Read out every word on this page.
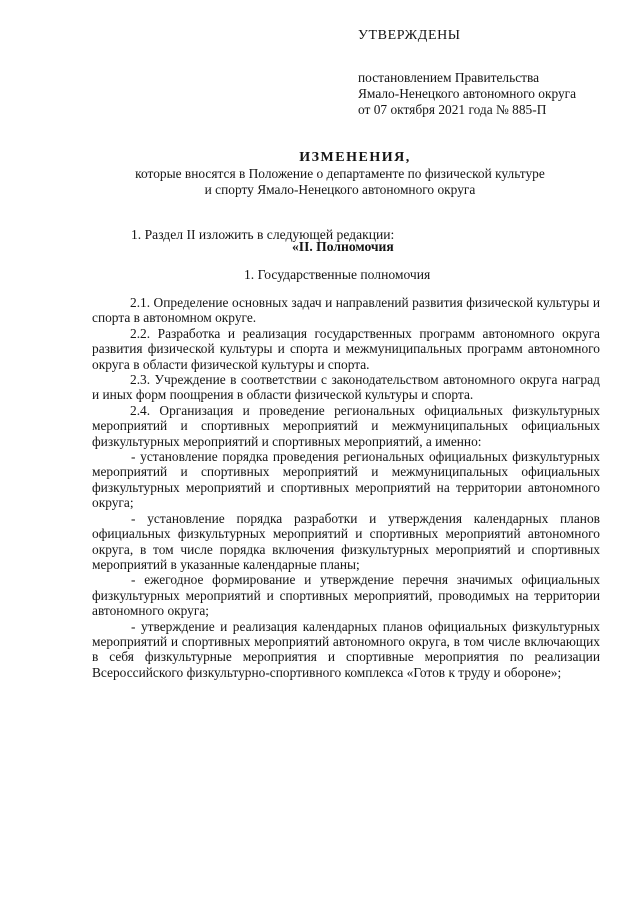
УТВЕРЖДЕНЫ
постановлением Правительства
Ямало-Ненецкого автономного округа
от 07 октября 2021 года № 885-П
ИЗМЕНЕНИЯ,
которые вносятся в Положение о департаменте по физической культуре
и спорту Ямало-Ненецкого автономного округа
1. Раздел II изложить в следующей редакции:
«II. Полномочия
1. Государственные полномочия

2.1. Определение основных задач и направлений развития физической культуры и спорта в автономном округе.

2.2. Разработка и реализация государственных программ автономного округа развития физической культуры и спорта и межмуниципальных программ автономного округа в области физической культуры и спорта.

2.3. Учреждение в соответствии с законодательством автономного округа наград и иных форм поощрения в области физической культуры и спорта.

2.4. Организация и проведение региональных официальных физкультурных мероприятий и спортивных мероприятий и межмуниципальных официальных физкультурных мероприятий и спортивных мероприятий, а именно:

- установление порядка проведения региональных официальных физкультурных мероприятий и спортивных мероприятий и межмуниципальных официальных физкультурных мероприятий и спортивных мероприятий на территории автономного округа;

- установление порядка разработки и утверждения календарных планов официальных физкультурных мероприятий и спортивных мероприятий автономного округа, в том числе порядка включения физкультурных мероприятий и спортивных мероприятий в указанные календарные планы;

- ежегодное формирование и утверждение перечня значимых официальных физкультурных мероприятий и спортивных мероприятий, проводимых на территории автономного округа;

- утверждение и реализация календарных планов официальных физкультурных мероприятий и спортивных мероприятий автономного округа, в том числе включающих в себя физкультурные мероприятия и спортивные мероприятия по реализации Всероссийского физкультурно-спортивного комплекса «Готов к труду и обороне»;
